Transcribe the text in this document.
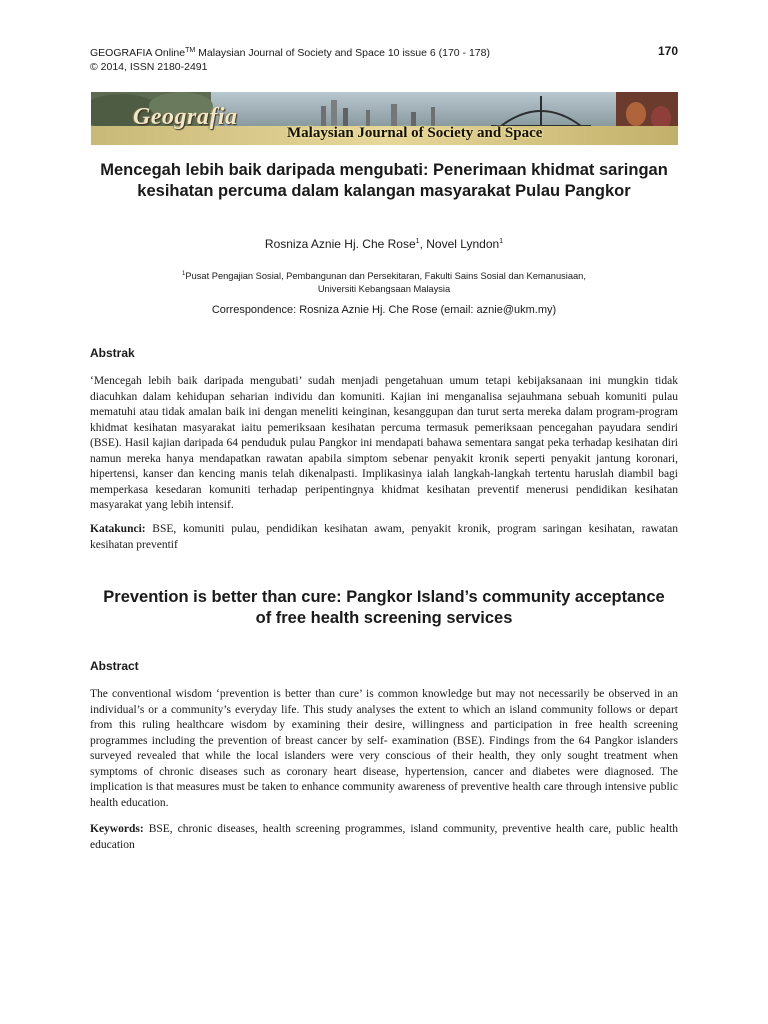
GEOGRAFIA Online™ Malaysian Journal of Society and Space 10 issue 6 (170 - 178)
© 2014, ISSN 2180-2491
170
Geografia
Malaysian Journal of Society and Space
Mencegah lebih baik daripada mengubati: Penerimaan khidmat saringan kesihatan percuma dalam kalangan masyarakat Pulau Pangkor
Rosniza Aznie Hj. Che Rose$^1$, Novel Lyndon$^1$
$^1$Pusat Pengajian Sosial, Pembangunan dan Persekitaran, Fakulti Sains Sosial dan Kemanusiaan,
Universiti Kebangsaan Malaysia
Correspondence: Rosniza Aznie Hj. Che Rose (email: aznie@ukm.my)
Abstrak
‘Mencegah lebih baik daripada mengubati’ sudah menjadi pengetahuan umum tetapi kebijaksanaan ini mungkin tidak diacuhkan dalam kehidupan seharian individu dan komuniti. Kajian ini menganalisa sejauhmana sebuah komuniti pulau mematuhi atau tidak amalan baik ini dengan meneliti keinginan, kesanggupan dan turut serta mereka dalam program-program khidmat kesihatan masyarakat iaitu pemeriksaan kesihatan percuma termasuk pemeriksaan pencegahan payudara sendiri (BSE). Hasil kajian daripada 64 penduduk pulau Pangkor ini mendapati bahawa sementara sangat peka terhadap kesihatan diri namun mereka hanya mendapatkan rawatan apabila simptom sebenar penyakit kronik seperti penyakit jantung koronari, hipertensi, kanser dan kencing manis telah dikenalpasti. Implikasinya ialah langkah-langkah tertentu haruslah diambil bagi memperkasa kesedaran komuniti terhadap peripentingnya khidmat kesihatan preventif menerusi pendidikan kesihatan masyarakat yang lebih intensif.
Katakunci: BSE, komuniti pulau, pendidikan kesihatan awam, penyakit kronik, program saringan kesihatan, rawatan kesihatan preventif
Prevention is better than cure: Pangkor Island’s community acceptance of free health screening services
Abstract
The conventional wisdom ‘prevention is better than cure’ is common knowledge but may not necessarily be observed in an individual’s or a community’s everyday life. This study analyses the extent to which an island community follows or depart from this ruling healthcare wisdom by examining their desire, willingness and participation in free health screening programmes including the prevention of breast cancer by self- examination (BSE). Findings from the 64 Pangkor islanders surveyed revealed that while the local islanders were very conscious of their health, they only sought treatment when symptoms of chronic diseases such as coronary heart disease, hypertension, cancer and diabetes were diagnosed. The implication is that measures must be taken to enhance community awareness of preventive health care through intensive public health education.
Keywords: BSE, chronic diseases, health screening programmes, island community, preventive health care, public health education
